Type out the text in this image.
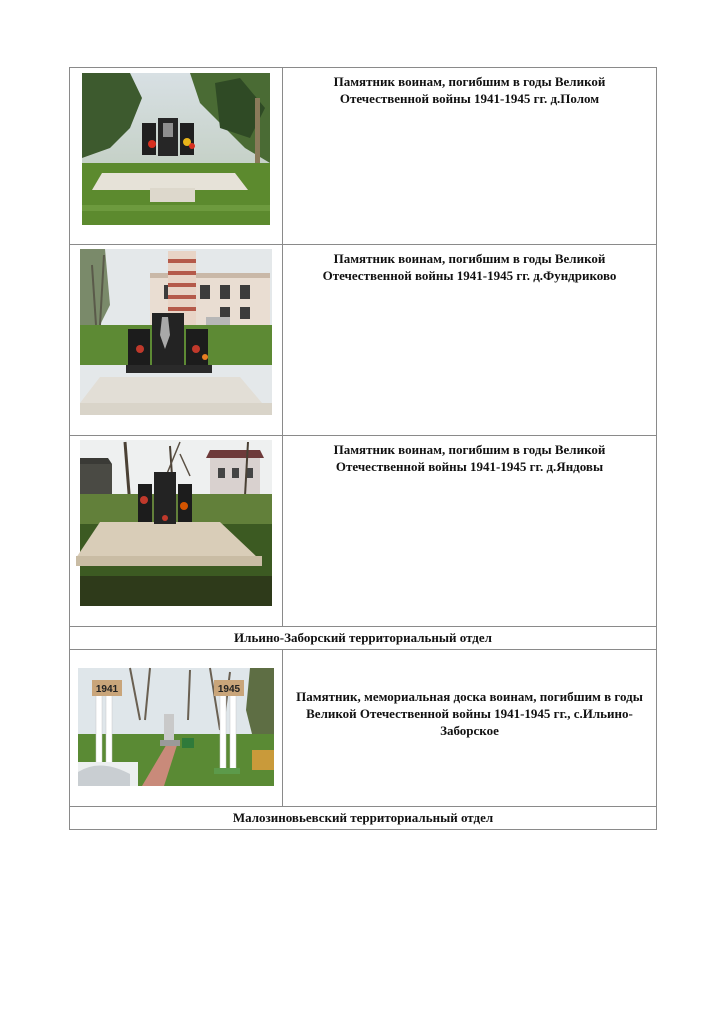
Памятник воинам, погибшим в годы Великой Отечественной войны 1941-1945 гг. д.Полом

Памятник воинам, погибшим в годы Великой Отечественной войны 1941-1945 гг. д.Фундриково

Памятник воинам, погибшим в годы Великой Отечественной войны 1941-1945 гг. д.Яндовы

Ильино-Заборский территориальный отдел	

1941 1945	Памятник, мемориальная доска воинам, погибшим в годы Великой Отечественной войны 1941-1945 гг., с.Ильино-Заборское

Малозиновьевский территориальный отдел	
